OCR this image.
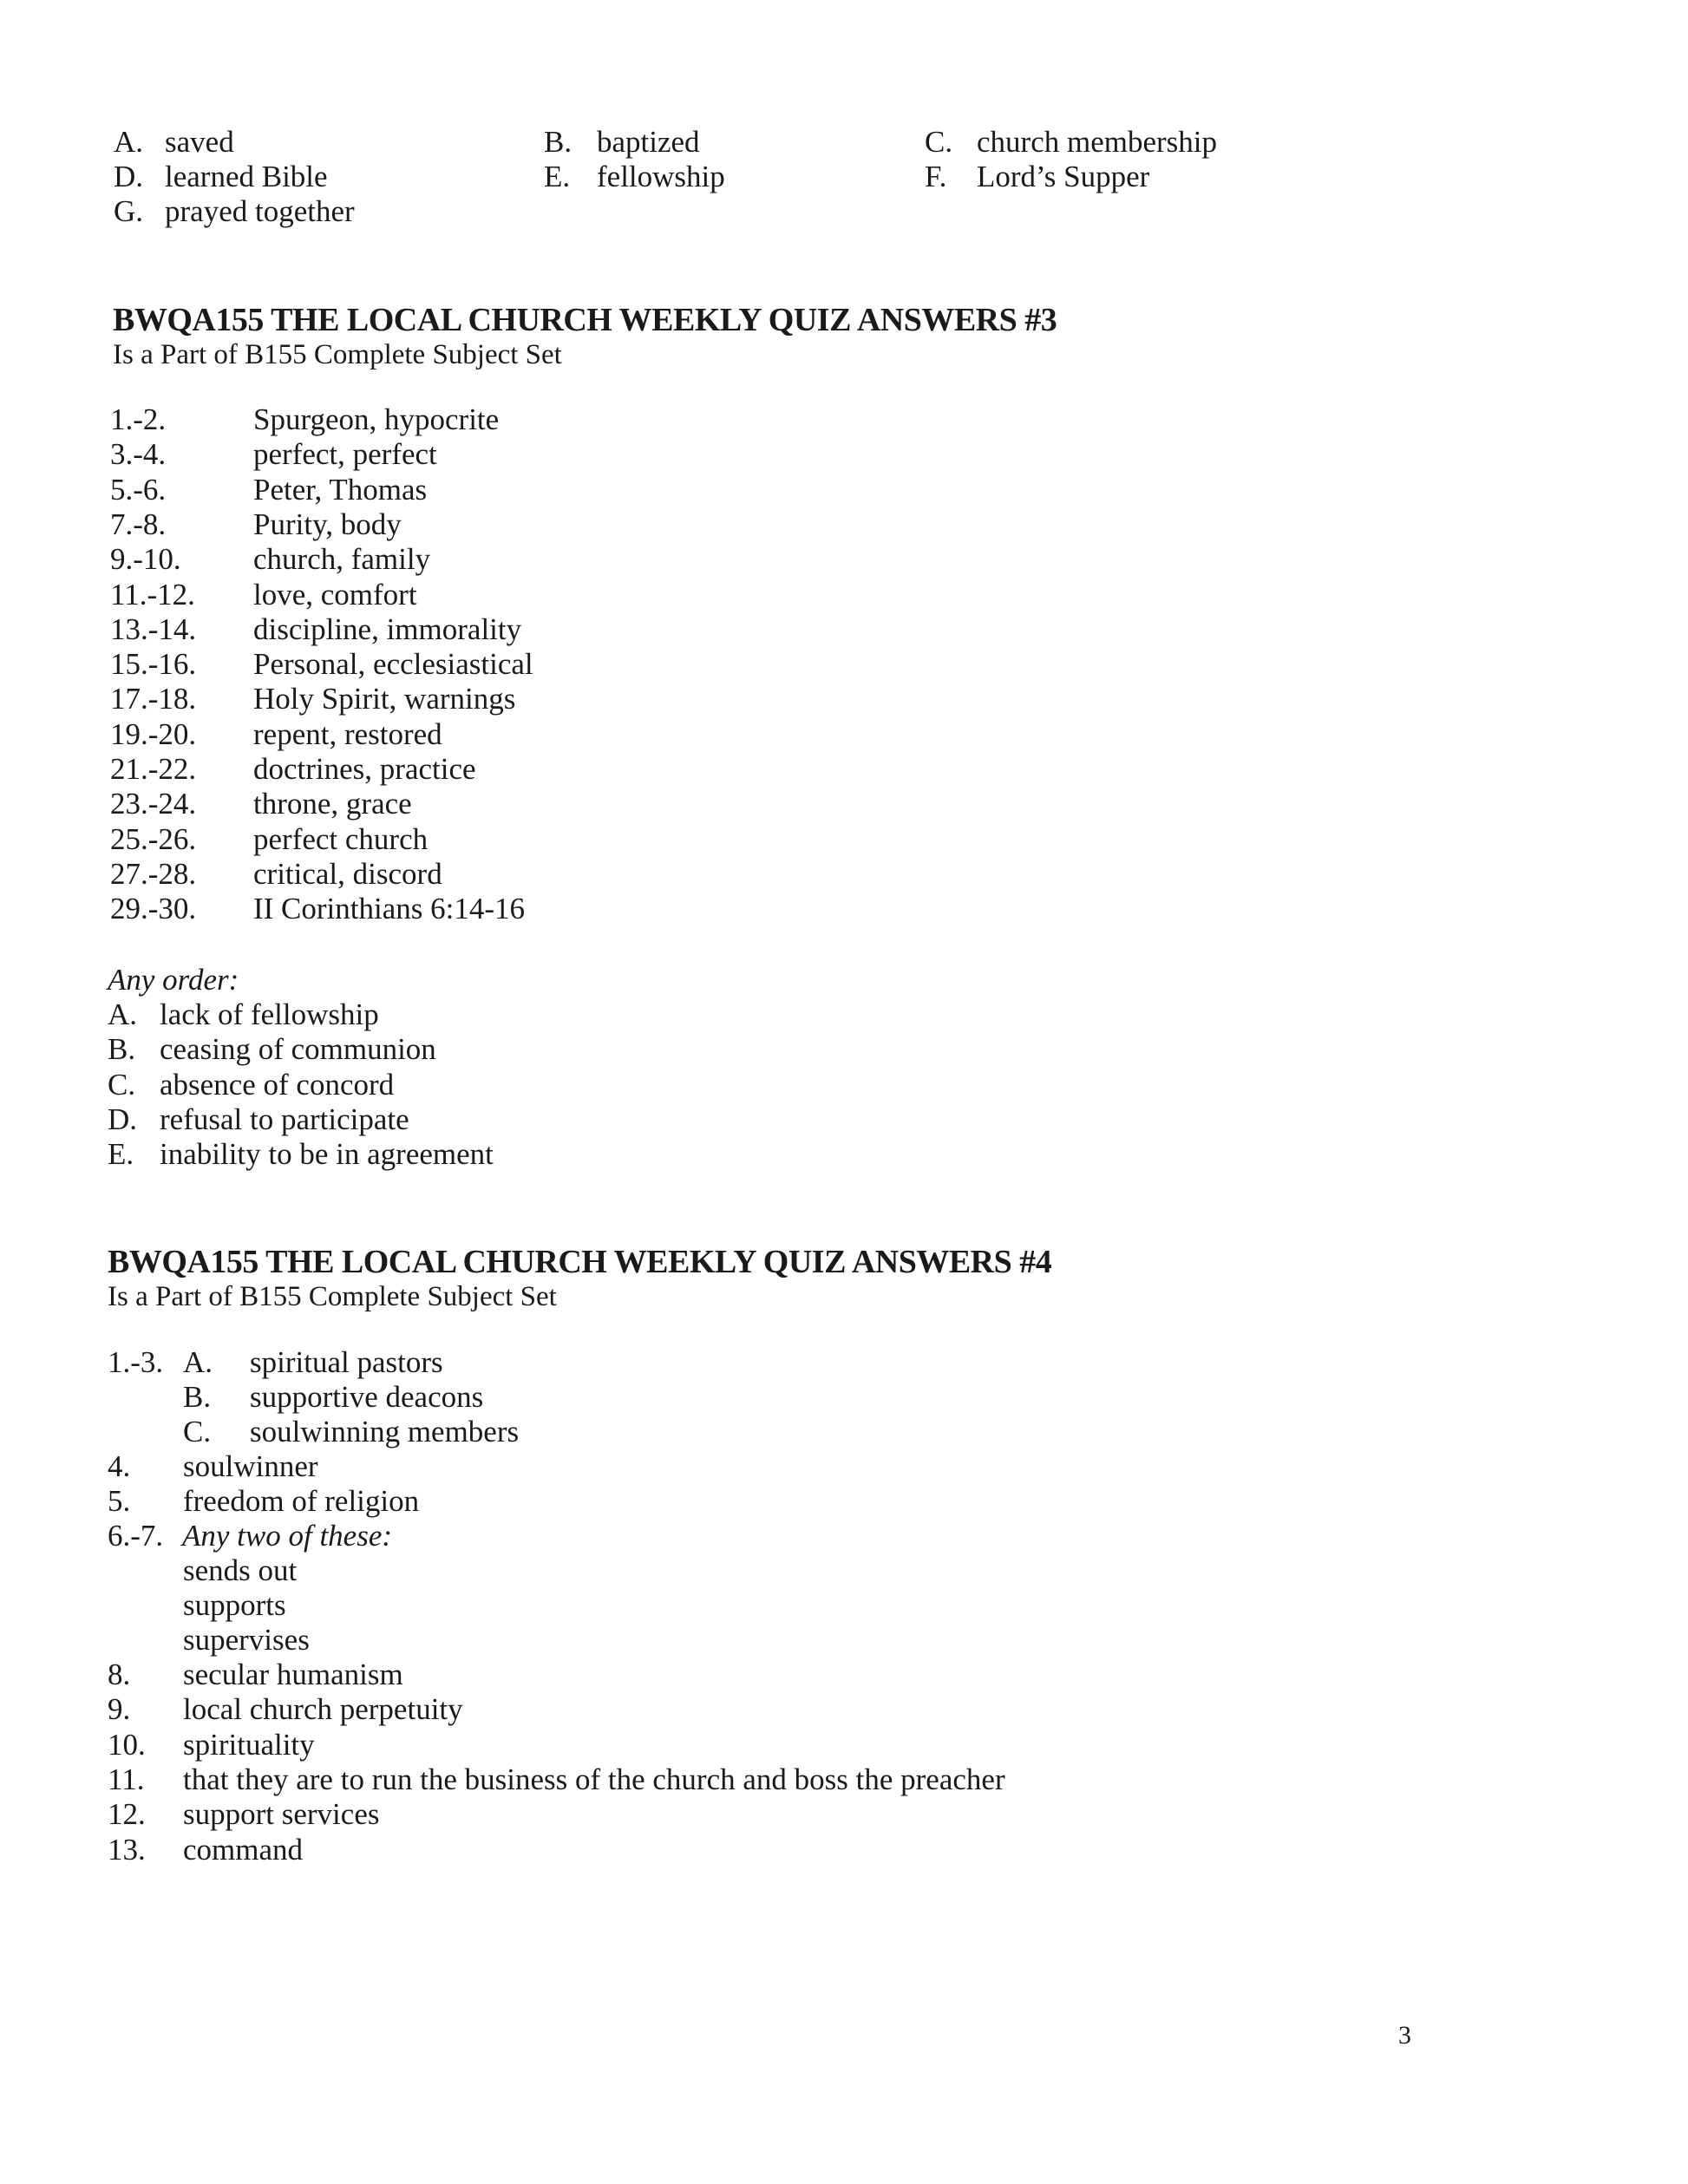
A. saved	B. baptized	C. church membership
D. learned Bible	E. fellowship	F. Lord’s Supper
G. prayed together
BWQA155 THE LOCAL CHURCH WEEKLY QUIZ ANSWERS #3
Is a Part of B155 Complete Subject Set
1.-2.	Spurgeon, hypocrite
3.-4.	perfect, perfect
5.-6.	Peter, Thomas
7.-8.	Purity, body
9.-10. church, family
11.-12. love, comfort
13.-14. discipline, immorality
15.-16. Personal, ecclesiastical
17.-18. Holy Spirit, warnings
19.-20. repent, restored
21.-22. doctrines, practice
23.-24. throne, grace
25.-26. perfect church
27.-28. critical, discord
29.-30. II Corinthians 6:14-16
Any order:
A. lack of fellowship
B. ceasing of communion
C. absence of concord
D. refusal to participate
E. inability to be in agreement
BWQA155 THE LOCAL CHURCH WEEKLY QUIZ ANSWERS #4
Is a Part of B155 Complete Subject Set
1.-3. A. spiritual pastors
B. supportive deacons
C. soulwinning members
4. soulwinner
5. freedom of religion
6.-7. Any two of these:
sends out
supports
supervises
8. secular humanism
9. local church perpetuity
10. spirituality
11. that they are to run the business of the church and boss the preacher
12. support services
13. command
3
